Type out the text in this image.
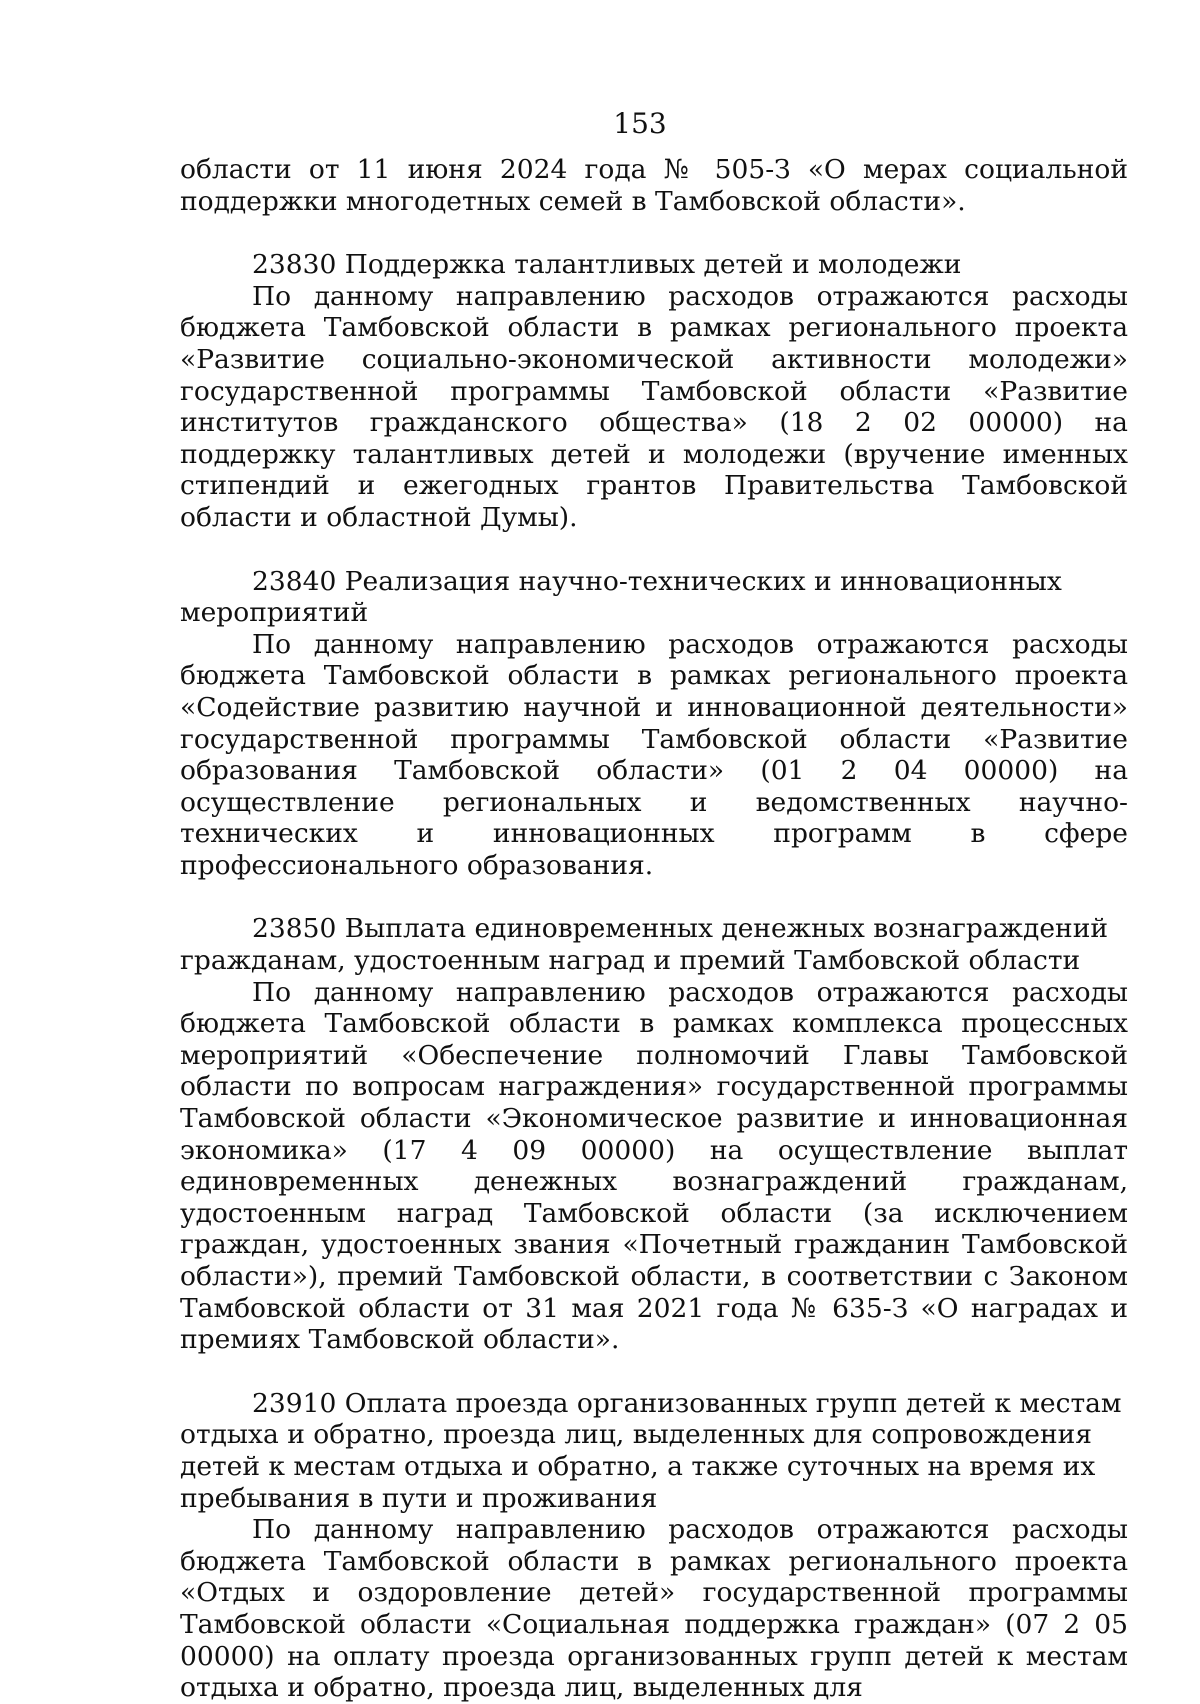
153

области от 11 июня 2024 года № 505-З «О мерах социальной поддержки многодетных семей в Тамбовской области».

23830 Поддержка талантливых детей и молодежи

По данному направлению расходов отражаются расходы бюджета Тамбовской области в рамках регионального проекта «Развитие социально-экономической активности молодежи» государственной программы Тамбовской области «Развитие институтов гражданского общества» (18 2 02 00000) на поддержку талантливых детей и молодежи (вручение именных стипендий и ежегодных грантов Правительства Тамбовской области и областной Думы).

23840 Реализация научно-технических и инновационных мероприятий

По данному направлению расходов отражаются расходы бюджета Тамбовской области в рамках регионального проекта «Содействие развитию научной и инновационной деятельности» государственной программы Тамбовской области «Развитие образования Тамбовской области» (01 2 04 00000) на осуществление региональных и ведомственных научно-технических и инновационных программ в сфере профессионального образования.

23850 Выплата единовременных денежных вознаграждений гражданам, удостоенным наград и премий Тамбовской области

По данному направлению расходов отражаются расходы бюджета Тамбовской области в рамках комплекса процессных мероприятий «Обеспечение полномочий Главы Тамбовской области по вопросам награждения» государственной программы Тамбовской области «Экономическое развитие и инновационная экономика» (17 4 09 00000) на осуществление выплат единовременных денежных вознаграждений гражданам, удостоенным наград Тамбовской области (за исключением граждан, удостоенных звания «Почетный гражданин Тамбовской области»), премий Тамбовской области, в соответствии с Законом Тамбовской области от 31 мая 2021 года № 635-З «О наградах и премиях Тамбовской области».

23910 Оплата проезда организованных групп детей к местам отдыха и обратно, проезда лиц, выделенных для сопровождения детей к местам отдыха и обратно, а также суточных на время их пребывания в пути и проживания

По данному направлению расходов отражаются расходы бюджета Тамбовской области в рамках регионального проекта «Отдых и оздоровление детей» государственной программы Тамбовской области «Социальная поддержка граждан» (07 2 05 00000) на оплату проезда организованных групп детей к местам отдыха и обратно, проезда лиц, выделенных для
